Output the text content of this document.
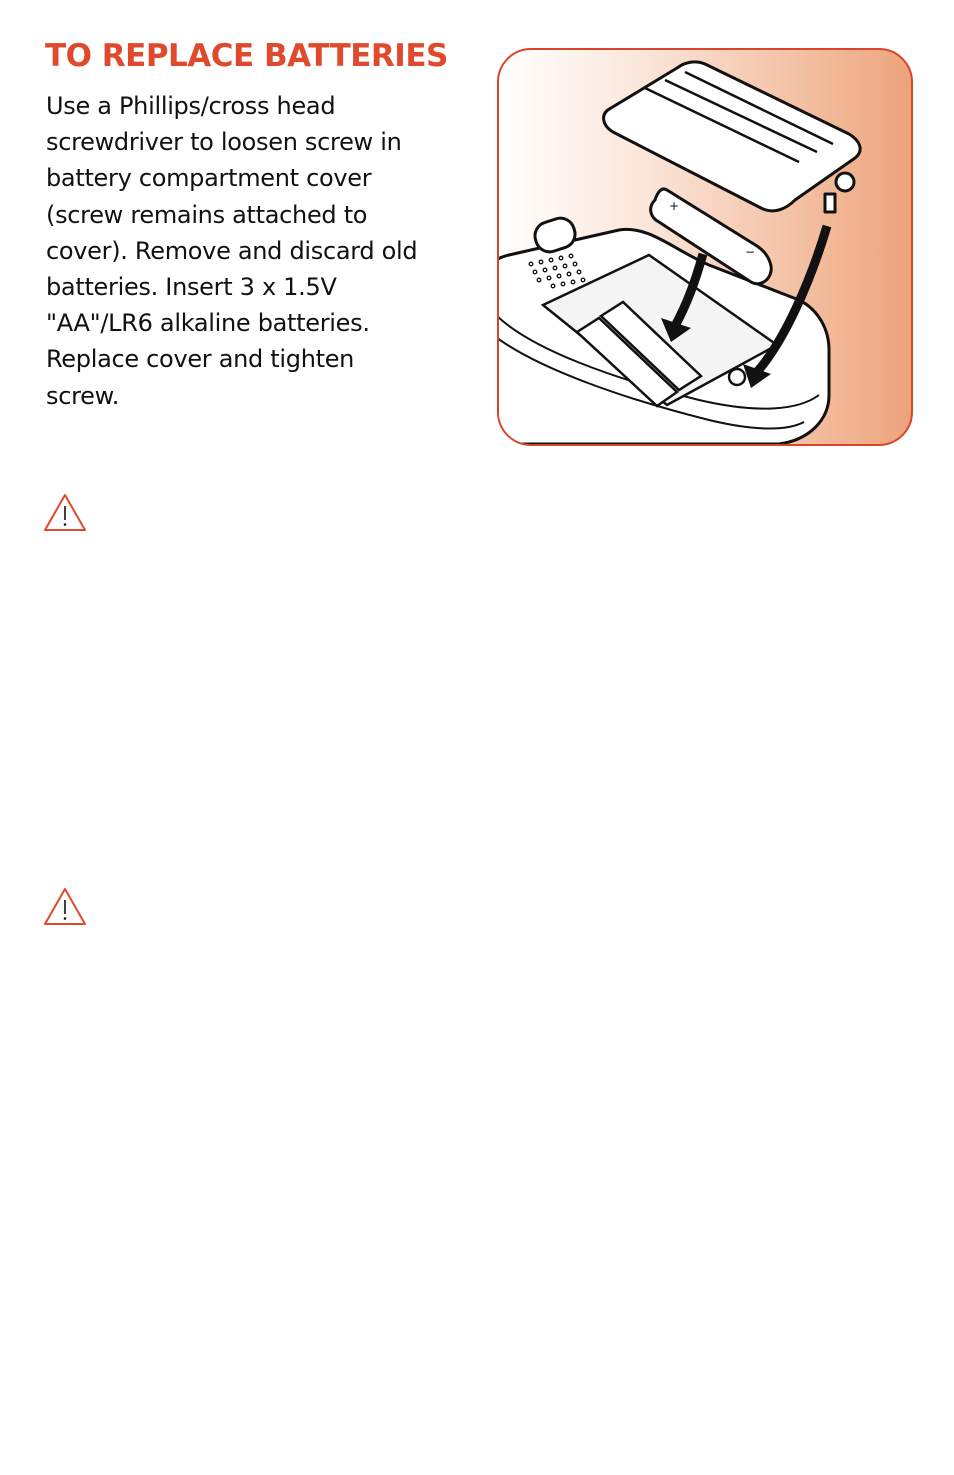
TO REPLACE BATTERIES

Use a Phillips/cross head
screwdriver to loosen screw in
battery compartment cover
(screw remains attached to
cover). Remove and discard old
batteries. Insert 3 x 1.5V
"AA"/LR6 alkaline batteries.
Replace cover and tighten
screw.

+
−
